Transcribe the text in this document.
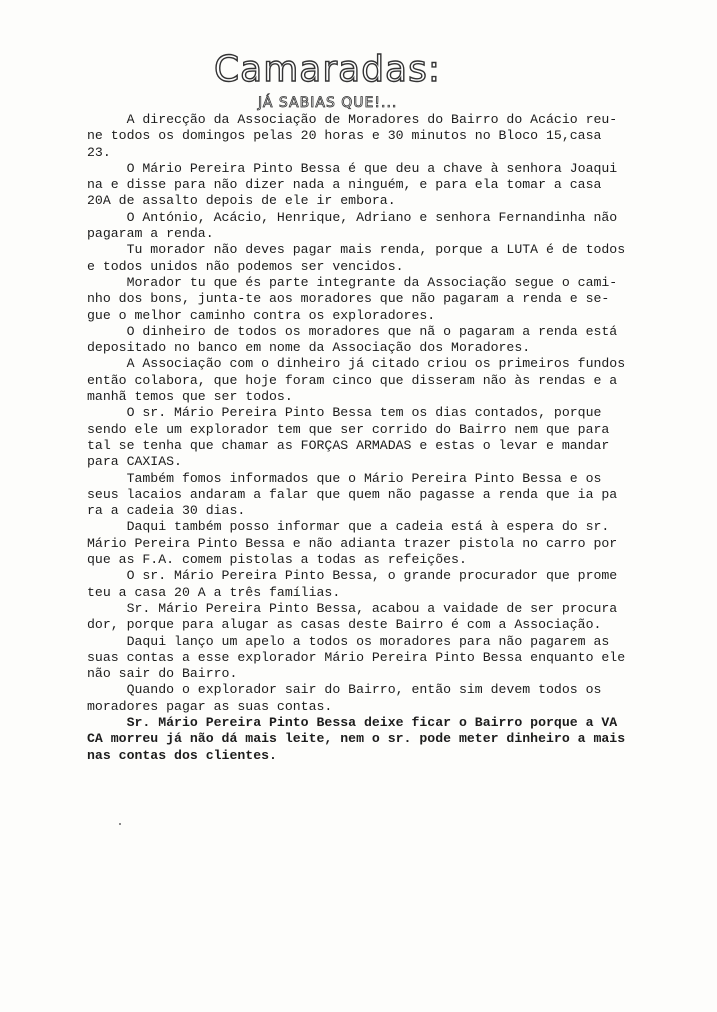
Camaradas:
JÁ SABIAS QUE!...

A direcção da Associação de Moradores do Bairro do Acácio reu-
ne todos os domingos pelas 20 horas e 30 minutos no Bloco 15,casa
23.

O Mário Pereira Pinto Bessa é que deu a chave à senhora Joaqui
na e disse para não dizer nada a ninguém, e para ela tomar a casa
20A de assalto depois de ele ir embora.

O António, Acácio, Henrique, Adriano e senhora Fernandinha não
pagaram a renda.

Tu morador não deves pagar mais renda, porque a LUTA é de todos
e todos unidos não podemos ser vencidos.

Morador tu que és parte integrante da Associação segue o cami-
nho dos bons, junta-te aos moradores que não pagaram a renda e se-
gue o melhor caminho contra os exploradores.

O dinheiro de todos os moradores que nã o pagaram a renda está
depositado no banco em nome da Associação dos Moradores.

A Associação com o dinheiro já citado criou os primeiros fundos
então colabora, que hoje foram cinco que disseram não às rendas e a
manhã temos que ser todos.

O sr. Mário Pereira Pinto Bessa tem os dias contados, porque
sendo ele um explorador tem que ser corrido do Bairro nem que para
tal se tenha que chamar as FORÇAS ARMADAS e estas o levar e mandar
para CAXIAS.

Também fomos informados que o Mário Pereira Pinto Bessa e os
seus lacaios andaram a falar que quem não pagasse a renda que ia pa
ra a cadeia 30 dias.

Daqui também posso informar que a cadeia está à espera do sr.
Mário Pereira Pinto Bessa e não adianta trazer pistola no carro por
que as F.A. comem pistolas a todas as refeições.

O sr. Mário Pereira Pinto Bessa, o grande procurador que prome
teu a casa 20 A a três famílias.

Sr. Mário Pereira Pinto Bessa, acabou a vaidade de ser procura
dor, porque para alugar as casas deste Bairro é com a Associação.

Daqui lanço um apelo a todos os moradores para não pagarem as
suas contas a esse explorador Mário Pereira Pinto Bessa enquanto ele
não sair do Bairro.

Quando o explorador sair do Bairro, então sim devem todos os
moradores pagar as suas contas.

Sr. Mário Pereira Pinto Bessa deixe ficar o Bairro porque a VA
CA morreu já não dá mais leite, nem o sr. pode meter dinheiro a mais
nas contas dos clientes.
